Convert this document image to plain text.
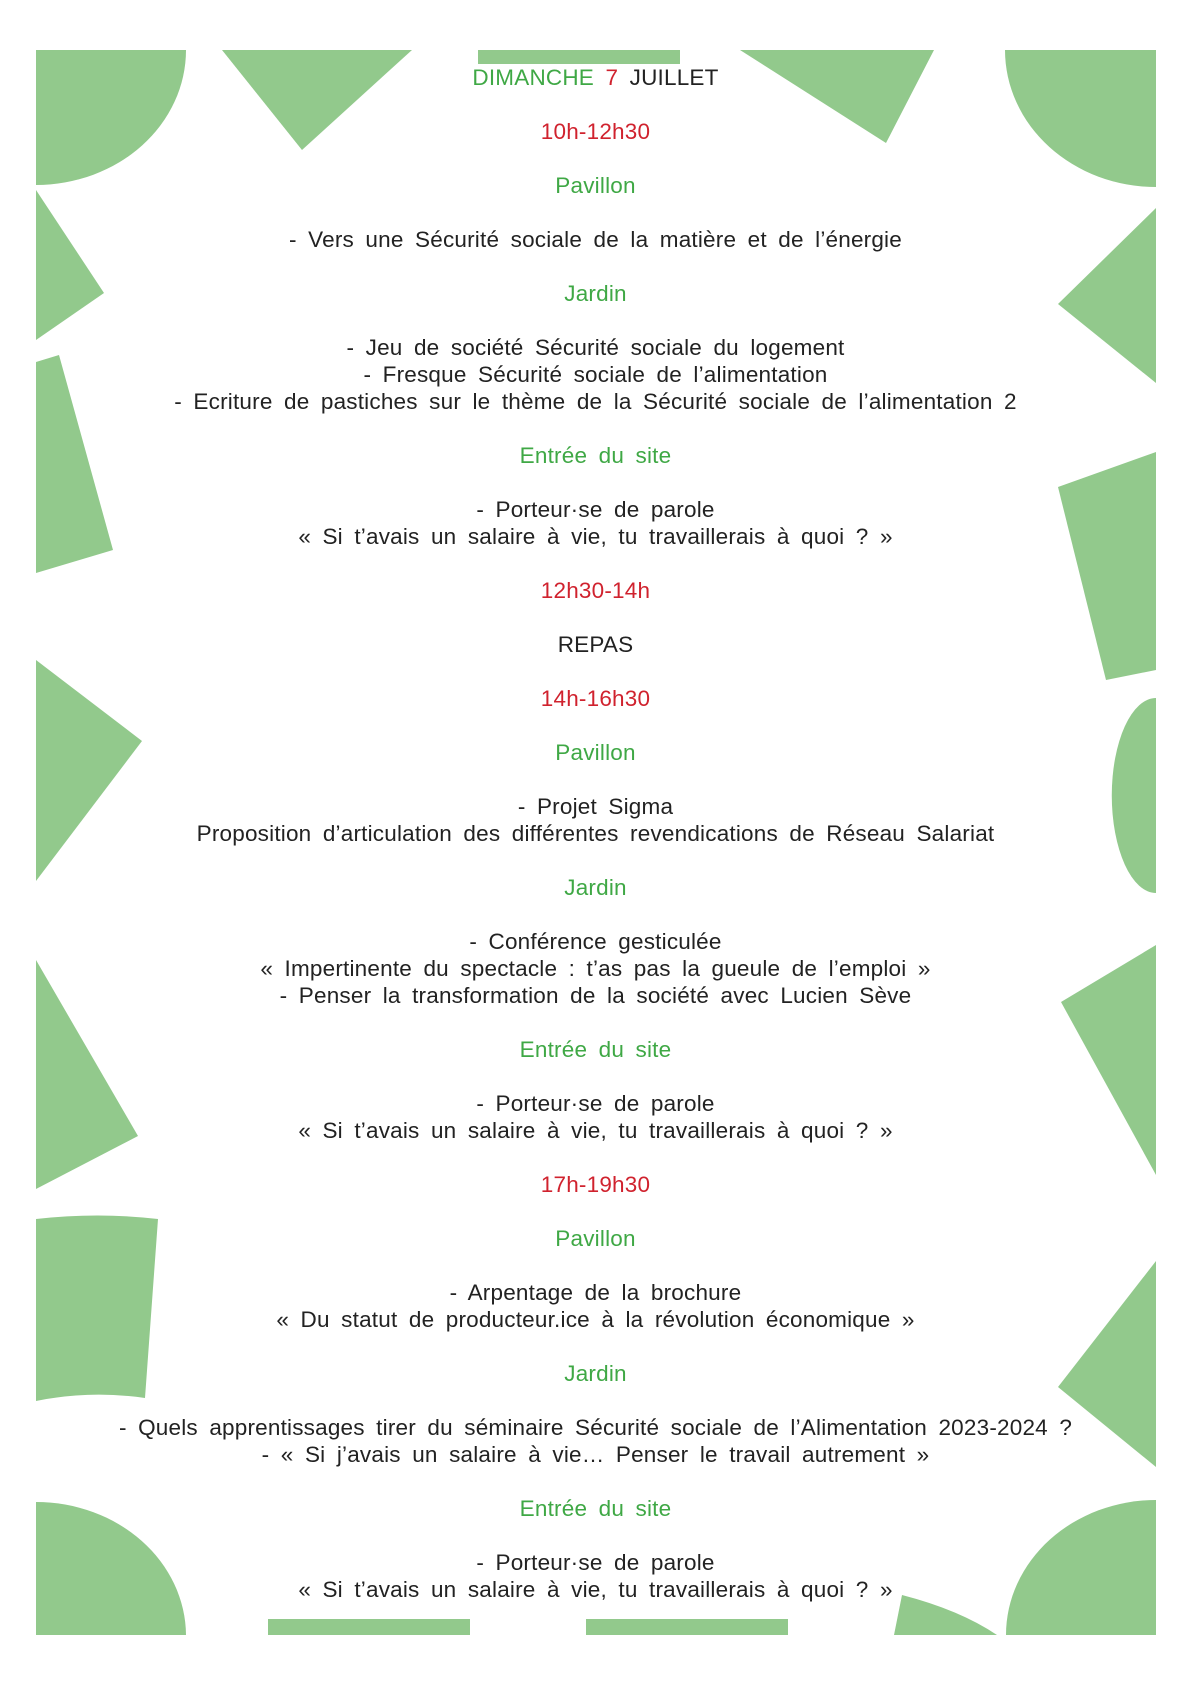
DIMANCHE 7 JUILLET
10h-12h30
Pavillon
- Vers une Sécurité sociale de la matière et de l’énergie
Jardin
- Jeu de société Sécurité sociale du logement
- Fresque Sécurité sociale de l’alimentation
- Ecriture de pastiches sur le thème de la Sécurité sociale de l’alimentation 2
Entrée du site
- Porteur·se de parole
« Si t’avais un salaire à vie, tu travaillerais à quoi ? »
12h30-14h
REPAS
14h-16h30
Pavillon
- Projet Sigma
Proposition d’articulation des différentes revendications de Réseau Salariat
Jardin
- Conférence gesticulée
« Impertinente du spectacle : t’as pas la gueule de l’emploi »
- Penser la transformation de la société avec Lucien Sève
Entrée du site
- Porteur·se de parole
« Si t’avais un salaire à vie, tu travaillerais à quoi ? »
17h-19h30
Pavillon
- Arpentage de la brochure
« Du statut de producteur.ice à la révolution économique »
Jardin
- Quels apprentissages tirer du séminaire Sécurité sociale de l’Alimentation 2023-2024 ?
- « Si j’avais un salaire à vie… Penser le travail autrement »
Entrée du site
- Porteur·se de parole
« Si t’avais un salaire à vie, tu travaillerais à quoi ? »
